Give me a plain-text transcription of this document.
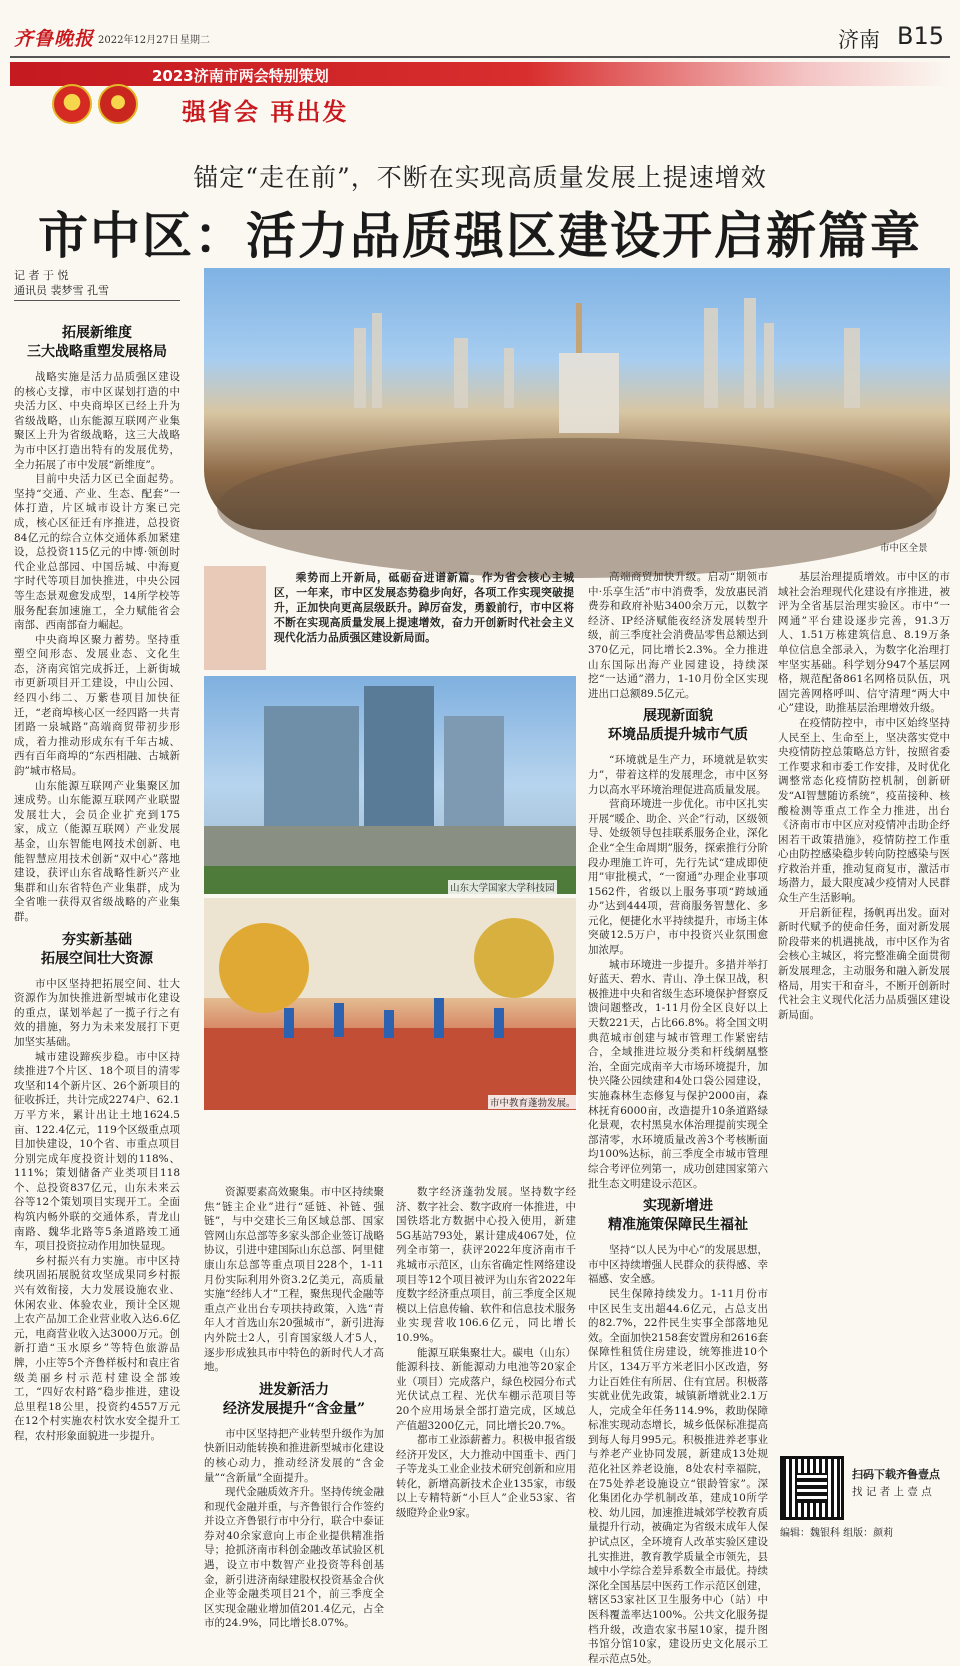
齐鲁晚报 2022年12月27日 星期二	济南 B15
2023济南市两会特别策划
★ ★ 强省会 再出发
锚定“走在前”，不断在实现高质量发展上提速增效
市中区：活力品质强区建设开启新篇章
记 者 于 悦
通讯员 裴梦雪 孔雪
市中区全景
乘势而上开新局，砥砺奋进谱新篇。作为省会核心主城区，一年来，市中区发展态势稳步向好，各项工作实现突破提升，正加快向更高层级跃升。踔厉奋发，勇毅前行，市中区将不断在实现高质量发展上提速增效，奋力开创新时代社会主义现代化活力品质强区建设新局面。
山东大学国家大学科技园
市中教育蓬勃发展。
拓展新维度
三大战略重塑发展格局

战略实施是活力品质强区建设的核心支撑，市中区谋划打造的中央活力区、中央商埠区已经上升为省级战略，山东能源互联网产业集聚区上升为省级战略，这三大战略为市中区打造出特有的发展优势，全力拓展了市中发展“新维度”。

目前中央活力区已全面起势。坚持“交通、产业、生态、配套”一体打造，片区城市设计方案已完成，核心区征迁有序推进，总投资84亿元的综合立体交通体系加紧建设，总投资115亿元的中博·领创时代企业总部园、中国岳城、中海夏宇时代等项目加快推进，中央公园等生态景观愈发成型，14所学校等服务配套加速施工，全力赋能省会南部、西南部奋力崛起。

中央商埠区聚力蓄势。坚持重塑空间形态、发展业态、文化生态，济南宾馆完成拆迁，上新街城市更新项目开工建设，中山公园、经四小纬二、万紫巷项目加快征迁，“老商埠核心区一经四路一共青团路一泉城路”高端商贸带初步形成，着力推动形成东有千年古城、西有百年商埠的“东西相融、古城新韵”城市格局。

山东能源互联网产业集聚区加速成势。山东能源互联网产业联盟发展壮大，会员企业扩充到175家，成立（能源互联网）产业发展基金，山东智能电网技术创新、电能智慧应用技术创新“双中心”落地建设，获评山东省战略性新兴产业集群和山东省特色产业集群，成为全省唯一获得双省级战略的产业集群。

夯实新基础
拓展空间壮大资源

市中区坚持把拓展空间、壮大资源作为加快推进新型城市化建设的重点，谋划举起了一揽子行之有效的措施，努力为未来发展打下更加坚实基础。

城市建设蹄疾步稳。市中区持续推进7个片区、18个项目的清零攻坚和14个新片区、26个新项目的征收拆迁，共计完成2274户、62.1万平方米，累计出让土地1624.5亩、122.4亿元，119个区级重点项目加快建设，10个省、市重点项目分别完成年度投资计划的118%、111%；策划储备产业类项目118个、总投资837亿元，山东未来云谷等12个策划项目实现开工。全面构筑内畅外联的交通体系，青龙山南路、魏华北路等5条道路竣工通车，项目投资拉动作用加快显现。

乡村振兴有力实施。市中区持续巩固拓展脱贫攻坚成果同乡村振兴有效衔接，大力发展设施农业、休闲农业、体验农业，预计全区规上农产品加工企业营业收入达6.6亿元，电商营业收入达3000万元。创新打造“玉水原乡”等特色旅游品牌，小庄等5个齐鲁样板村和袁庄省级美丽乡村示范村建设全部竣工，“四好农村路”稳步推进，建设总里程18公里，投资约4557万元在12个村实施农村饮水安全提升工程，农村形象面貌进一步提升。

资源要素高效聚集。市中区持续聚焦“链主企业”进行“延链、补链、强链”，与中交建长三角区域总部、国家管网山东总部等多家头部企业签订战略协议，引进中建国际山东总部、阿里健康山东总部等重点项目228个，1-11月份实际利用外资3.2亿美元，高质量实施“经纬人才”工程，聚焦现代金融等重点产业出台专项扶持政策，入选“青年人才首选山东20强城市”，新引进海内外院士2人，引育国家级人才5人，逐步形成独具市中特色的新时代人才高地。

进发新活力
经济发展提升“含金量”

市中区坚持把产业转型升级作为加快新旧动能转换和推进新型城市化建设的核心动力，推动经济发展的“含金量”“含新量”全面提升。

现代金融质效齐升。坚持传统金融和现代金融并重，与齐鲁银行合作签约并设立齐鲁银行市中分行，联合中泰证券对40余家意向上市企业提供精准指导；抢抓济南市科创金融改革试验区机遇，设立市中数智产业投资等科创基金，新引进济南绿建股权投资基金合伙企业等金融类项目21个，前三季度全区实现金融业增加值201.4亿元，占全市的24.9%，同比增长8.07%。

数字经济蓬勃发展。坚持数字经济、数字社会、数字政府一体推进，中国铁塔北方数据中心投入使用，新建5G基站793处，累计建成4067处，位列全市第一，获评2022年度济南市千兆城市示范区，山东省确定性网络建设项目等12个项目被评为山东省2022年度数字经济重点项目，前三季度全区规模以上信息传输、软件和信息技术服务业实现营收106.6亿元，同比增长10.9%。

能源互联集聚壮大。碳电（山东）能源科技、新能源动力电池等20家企业（项目）完成落户，绿色校园分布式光伏试点工程、光伏车棚示范项目等20个应用场景全部打造完成，区域总产值超3200亿元，同比增长20.7%。

都市工业添薪蓄力。积极申报省级经济开发区，大力推动中国重卡、西门子等龙头工业企业技术研究创新和应用转化，新增高新技术企业135家，市级以上专精特新“小巨人”企业53家、省级瞪羚企业9家。

高端商贸加快升级。启动“期领市中·乐享生活”市中消费季，发放惠民消费券和政府补贴3400余万元，以数字经济、IP经济赋能夜经济发展转型升级，前三季度社会消费品零售总额达到370亿元，同比增长2.3%。全力推进山东国际出海产业园建设，持续深挖“一达通”潜力，1-10月份全区实现进出口总额89.5亿元。

展现新面貌
环境品质提升城市气质

“环境就是生产力，环境就是软实力”，带着这样的发展理念，市中区努力以高水平环境治理促进高质量发展。

营商环境进一步优化。市中区扎实开展“暖企、助企、兴企”行动，区级领导、处级领导包挂联系服务企业，深化企业“全生命周期”服务，探索推行分阶段办理施工许可，先行先试“建成即使用”审批模式，“一窗通”办理企业事项1562件，省级以上服务事项“跨域通办”达到444项，营商服务智慧化、多元化，便捷化水平持续提升，市场主体突破12.5万户，市中投资兴业氛围愈加浓厚。

城市环境进一步提升。多措并举打好蓝天、碧水、青山、净土保卫战，积极推进中央和省级生态环境保护督察反馈问题整改，1-11月份全区良好以上天数221天，占比66.8%。将全国文明典范城市创建与城市管理工作紧密结合，全域推进垃圾分类和杆线網凰整治，全面完成南辛大市场环境提升，加快兴隆公园续建和4处口袋公园建设，实施森林生态修复与保护2000亩，森林抚育6000亩，改造提升10条道路绿化景观，农村黑臭水体治理提前实现全部清零，水环境质量改善3个考核断面均100%达标，前三季度全市城市管理综合考评位列第一，成功创建国家第六批生态文明建设示范区。

实现新增进
精准施策保障民生福祉

坚持“以人民为中心”的发展思想，市中区持续增强人民群众的获得感、幸福感、安全感。

民生保障持续发力。1-11月份市中区民生支出超44.6亿元，占总支出的82.7%，22件民生实事全部落地见效。全面加快2158套安置房和2616套保障性租赁住房建设，统筹推进10个片区，134万平方米老旧小区改造，努力让百姓住有所居、住有宜居。积极落实就业优先政策，城镇新增就业2.1万人，完成全年任务114.9%，救助保障标准实现动态增长，城乡低保标准提高到每人每月995元。积极推进养老事业与养老产业协同发展，新建成13处规范化社区养老设施，8处农村幸福院，在75处养老设施设立“银龄管家”。深化集团化办学机制改革，建成10所学校、幼儿园，加速推进城郊学校教育质量提升行动，被确定为省级末成年人保护试点区，全环境育人改革实验区建设扎实推进，教育教学质量全市领先，县域中小学综合差异系数全市最优。持续深化全国基层中医药工作示范区创建，辖区53家社区卫生服务中心（站）中医科覆盖率达100%。公共文化服务提档升级，改造农家书屋10家，提升图书馆分馆10家，建设历史文化展示工程示范点5处。

基层治理提质增效。市中区的市域社会治理现代化建设有序推进，被评为全省基层治理实验区。市中“一网通”平台建设逐步完善，91.3万人、1.51万栋建筑信息、8.19万条单位信息全部录入，为数字化治理打牢坚实基础。科学划分947个基层网格，规范配备861名网格员队伍，巩固完善网格呼叫、信守清理“两大中心”建设，助推基层治理增效升级。

在疫情防控中，市中区始终坚持人民至上、生命至上，坚决落实党中央疫情防控总策略总方针，按照省委工作要求和市委工作安排，及时优化调整常态化疫情防控机制，创新研发“AI智慧随访系统”，疫苗接种、核酸检测等重点工作全力推进，出台《济南市市中区应对疫情冲击助企纾困若干政策措施》，疫情防控工作重心由防控感染稳步转向防控感染与医疗救治并重，推动复商复市，激活市场潜力，最大限度减少疫情对人民群众生产生活影响。

开启新征程，扬帆再出发。面对新时代赋予的使命任务，面对新发展阶段带来的机遇挑战，市中区作为省会核心主城区，将完整准确全面贯彻新发展理念，主动服务和融入新发展格局，用实干和奋斗，不断开创新时代社会主义现代化活力品质强区建设新局面。

扫码下载齐鲁壹点
找 记 者 上 壹 点
编辑：魏银科 组版：颜莉
